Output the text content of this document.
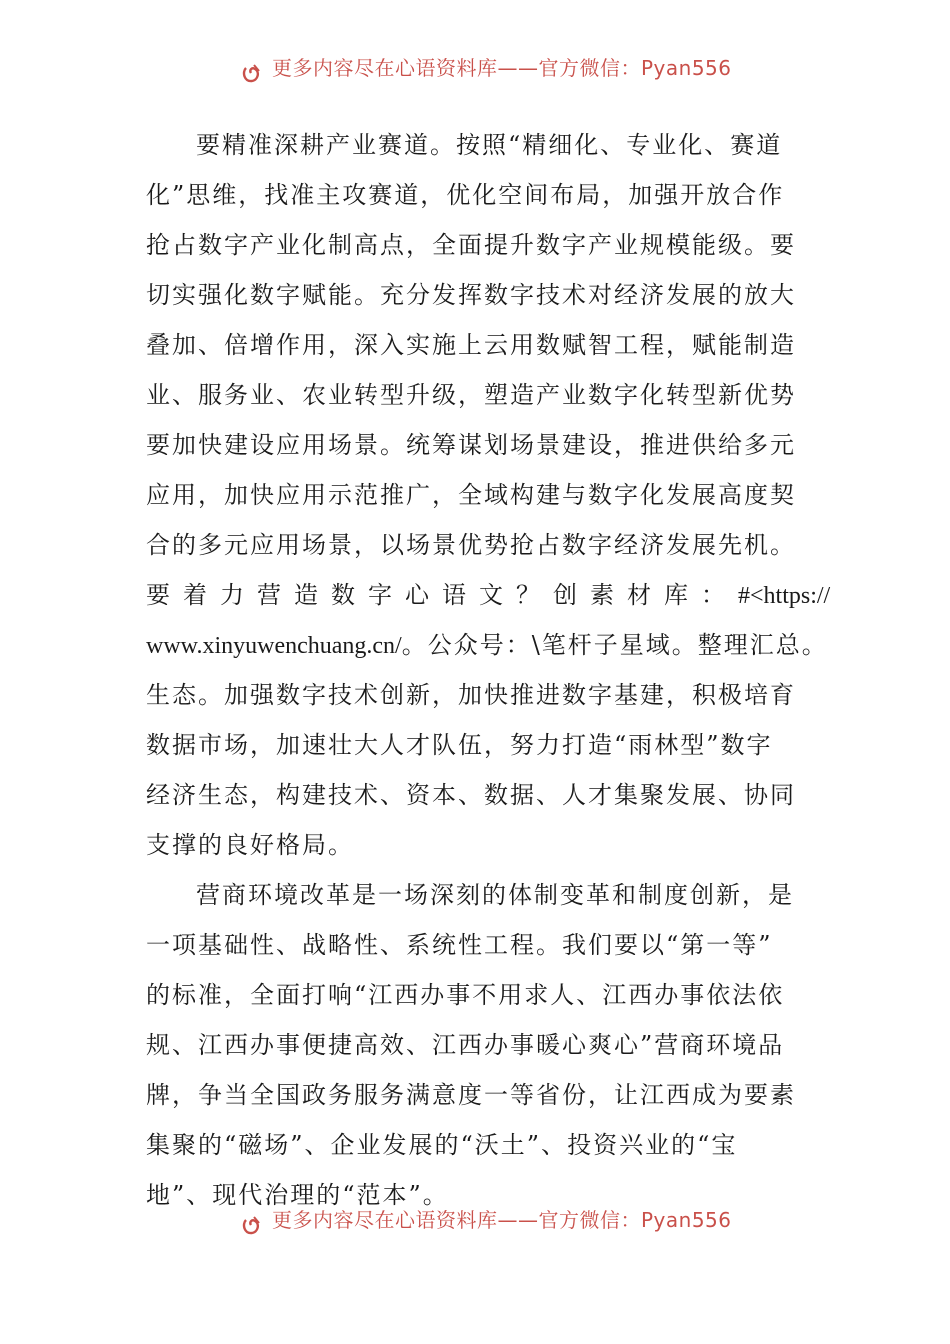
更多内容尽在心语资料库——官方微信：Pyan556
要精准深耕产业赛道。按照“精细化、专业化、赛道
化”思维，找准主攻赛道，优化空间布局，加强开放合作
抢占数字产业化制高点，全面提升数字产业规模能级。要
切实强化数字赋能。充分发挥数字技术对经济发展的放大
叠加、倍增作用，深入实施上云用数赋智工程，赋能制造
业、服务业、农业转型升级，塑造产业数字化转型新优势
要加快建设应用场景。统筹谋划场景建设，推进供给多元
应用，加快应用示范推广，全域构建与数字化发展高度契
合的多元应用场景，以场景优势抢占数字经济发展先机。
要着力营造数字心语文？创素材库：#<https://
www.xinyuwenchuang.cn/。公众号：\笔杆子星域。整理汇总。
生态。加强数字技术创新，加快推进数字基建，积极培育
数据市场，加速壮大人才队伍，努力打造“雨林型”数字
经济生态，构建技术、资本、数据、人才集聚发展、协同
支撑的良好格局。
营商环境改革是一场深刻的体制变革和制度创新，是
一项基础性、战略性、系统性工程。我们要以“第一等”
的标准，全面打响“江西办事不用求人、江西办事依法依
规、江西办事便捷高效、江西办事暖心爽心”营商环境品
牌，争当全国政务服务满意度一等省份，让江西成为要素
集聚的“磁场”、企业发展的“沃土”、投资兴业的“宝
地”、现代治理的“范本”。
更多内容尽在心语资料库——官方微信：Pyan556
